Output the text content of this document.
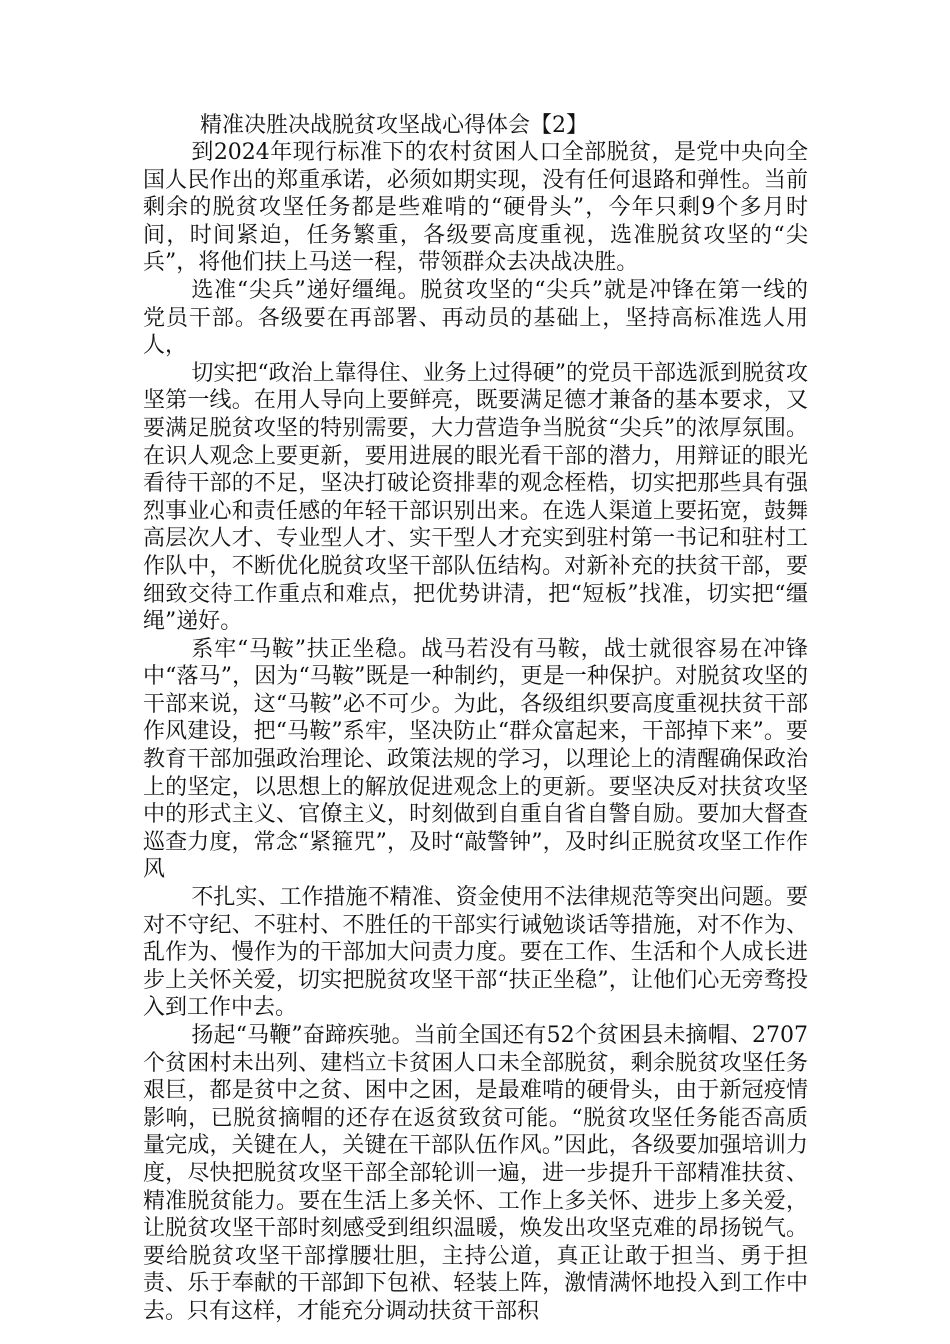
精准决胜决战脱贫攻坚战心得体会【2】

到2024年现行标准下的农村贫困人口全部脱贫，是党中央向全国人民作出的郑重承诺，必须如期实现，没有任何退路和弹性。当前剩余的脱贫攻坚任务都是些难啃的“硬骨头”，今年只剩9个多月时间，时间紧迫，任务繁重，各级要高度重视，选准脱贫攻坚的“尖兵”，将他们扶上马送一程，带领群众去决战决胜。

选准“尖兵”递好缰绳。脱贫攻坚的“尖兵”就是冲锋在第一线的党员干部。各级要在再部署、再动员的基础上，坚持高标准选人用人，

切实把“政治上靠得住、业务上过得硬”的党员干部选派到脱贫攻坚第一线。在用人导向上要鲜亮，既要满足德才兼备的基本要求，又要满足脱贫攻坚的特别需要，大力营造争当脱贫“尖兵”的浓厚氛围。在识人观念上要更新，要用进展的眼光看干部的潜力，用辩证的眼光看待干部的不足，坚决打破论资排辈的观念桎梏，切实把那些具有强烈事业心和责任感的年轻干部识别出来。在选人渠道上要拓宽，鼓舞高层次人才、专业型人才、实干型人才充实到驻村第一书记和驻村工作队中，不断优化脱贫攻坚干部队伍结构。对新补充的扶贫干部，要细致交待工作重点和难点，把优势讲清，把“短板”找准，切实把“缰绳”递好。

系牢“马鞍”扶正坐稳。战马若没有马鞍，战士就很容易在冲锋中“落马”，因为“马鞍”既是一种制约，更是一种保护。对脱贫攻坚的干部来说，这“马鞍”必不可少。为此，各级组织要高度重视扶贫干部作风建设，把“马鞍”系牢，坚决防止“群众富起来，干部掉下来”。要教育干部加强政治理论、政策法规的学习，以理论上的清醒确保政治上的坚定，以思想上的解放促进观念上的更新。要坚决反对扶贫攻坚中的形式主义、官僚主义，时刻做到自重自省自警自励。要加大督查巡查力度，常念“紧箍咒”，及时“敲警钟”，及时纠正脱贫攻坚工作作风

不扎实、工作措施不精准、资金使用不法律规范等突出问题。要对不守纪、不驻村、不胜任的干部实行诫勉谈话等措施，对不作为、乱作为、慢作为的干部加大问责力度。要在工作、生活和个人成长进步上关怀关爱，切实把脱贫攻坚干部“扶正坐稳”，让他们心无旁骛投入到工作中去。

扬起“马鞭”奋蹄疾驰。当前全国还有52个贫困县未摘帽、2707个贫困村未出列、建档立卡贫困人口未全部脱贫，剩余脱贫攻坚任务艰巨，都是贫中之贫、困中之困，是最难啃的硬骨头，由于新冠疫情影响，已脱贫摘帽的还存在返贫致贫可能。“脱贫攻坚任务能否高质量完成，关键在人，关键在干部队伍作风。”因此，各级要加强培训力度，尽快把脱贫攻坚干部全部轮训一遍，进一步提升干部精准扶贫、精准脱贫能力。要在生活上多关怀、工作上多关怀、进步上多关爱，让脱贫攻坚干部时刻感受到组织温暖，焕发出攻坚克难的昂扬锐气。要给脱贫攻坚干部撑腰壮胆，主持公道，真正让敢于担当、勇于担责、乐于奉献的干部卸下包袱、轻装上阵，激情满怀地投入到工作中去。只有这样，才能充分调动扶贫干部积
